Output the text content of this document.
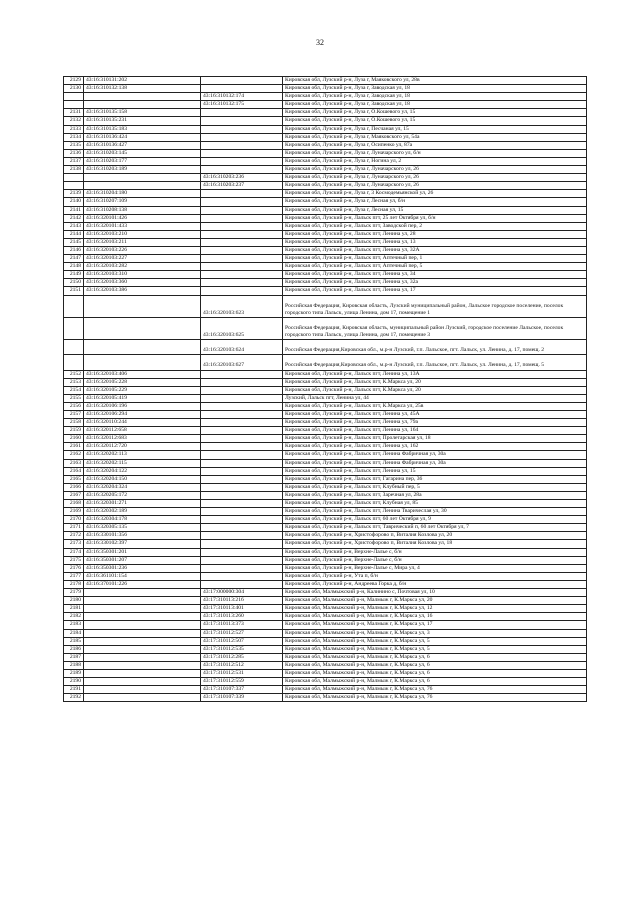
32
2129	43:16:310131:202		Кировская обл, Лузский р-н, Луза г, Маяковского ул, 28в
2130	43:16:310132:138		Кировская обл, Лузский р-н, Луза г, Заводская ул, 18
		43:16:310132:174	Кировская обл, Лузский р-н, Луза г, Заводская ул, 18
		43:16:310132:175	Кировская обл, Лузский р-н, Луза г, Заводская ул, 18
2131	43:16:310135:158		Кировская обл, Лузский р-н, Луза г, О.Кошевого ул, 15
2132	43:16:310135:231		Кировская обл, Лузский р-н, Луза г, О.Кошевого ул, 15
2133	43:16:310135:183		Кировская обл, Лузский р-н, Луза г, Песчаная ул, 15
2134	43:16:310136:424		Кировская обл, Лузский р-н, Луза г, Маяковского ул, 54а
2135	43:16:310136:427		Кировская обл, Лузский р-н, Луза г, Осипенко ул, 87а
2136	43:16:310203:145		Кировская обл, Лузский р-н, Луза г, Луначарского ул, б/н
2137	43:16:310203:177		Кировская обл, Лузский р-н, Луза г, Ногина ул, 2
2138	43:16:310203:189		Кировская обл, Лузский р-н, Луза г, Луначарского ул, 26
		43:16:310203:236	Кировская обл, Лузский р-н, Луза г, Луначарского ул, 26
		43:16:310203:237	Кировская обл, Лузский р-н, Луза г, Луначарского ул, 26
2139	43:16:310204:180		Кировская обл, Лузский р-н, Луза г, 3 Космодемьянской ул, 26
2140	43:16:310207:109		Кировская обл, Лузский р-н, Луза г, Лесная ул, б/н
2141	43:16:310208:138		Кировская обл, Лузский р-н, Луза г, Лесная ул, 15
2142	43:16:320101:426		Кировская обл, Лузский р-н, Лальск пгт, 25 лет Октября ул, б/н
2143	43:16:320101:433		Кировская обл, Лузский р-н, Лальск пгт, Заводской пер, 2
2144	43:16:320103:210		Кировская обл, Лузский р-н, Лальск пгт, Ленина ул, 28
2145	43:16:320103:211		Кировская обл, Лузский р-н, Лальск пгт, Ленина ул, 13
2146	43:16:320103:226		Кировская обл, Лузский р-н, Лальск пгт, Ленина ул, 32А
2147	43:16:320103:227		Кировская обл, Лузский р-н, Лальск пгт, Аптечный пер, 1
2148	43:16:320103:282		Кировская обл, Лузский р-н, Лальск пгт, Аптечный пер, 5
2149	43:16:320103:310		Кировская обл, Лузский р-н, Лальск пгт, Ленина ул, 34
2150	43:16:320103:360		Кировская обл, Лузский р-н, Лальск пгт, Ленина ул, 32а
2151	43:16:320103:386		Кировская обл, Лузский р-н, Лальск пгт, Ленина ул, 17
		43:16:320103:623	Российская Федерация, Кировская область, Лузский муниципальный район, Лальское городское поселение, поселок городского типа Лальск, улица Ленина, дом 17, помещение 1
		43:16:320103:625	Российская Федерация, Кировская область, муниципальный район Лузский, городское поселение Лальское, поселок городского типа Лальск, улица Ленина, дом 17, помещение 3
		43:16:320103:624	Российская Федерация,Кировская обл., м.р-н Лузский, г.п. Лальское, пгт. Лальск, ул. Ленина, д. 17, помещ. 2
		43:16:320103:627	Российская Федерация,Кировская обл., м.р-н Лузский, г.п. Лальское, пгт. Лальск, ул. Ленина, д. 17, помещ. 5
2152	43:16:320103:406		Кировская обл, Лузский р-н, Лальск пгт, Ленина ул, 13А
2153	43:16:320105:228		Кировская обл, Лузский р-н, Лальск пгт, К.Маркса ул, 20
2154	43:16:320105:229		Кировская обл, Лузский р-н, Лальск пгт, К.Маркса ул, 20
2155	43:16:320105:419		Лузский, Лальск пгт, Ленина ул, 44
2156	43:16:320106:196		Кировская обл, Лузский р-н, Лальск пгт, К.Маркса ул, 25в
2157	43:16:320106:294		Кировская обл, Лузский р-н, Лальск пгт, Ленина ул, 45А
2158	43:16:320110:244		Кировская обл, Лузский р-н, Лальск пгт, Ленина ул, 79а
2159	43:16:320112:658		Кировская обл, Лузский р-н, Лальск пгт, Ленина ул, 164
2160	43:16:320112:683		Кировская обл, Лузский р-н, Лальск пгт, Пролетарская ул, 18
2161	43:16:320112:720		Кировская обл, Лузский р-н, Лальск пгт, Ленина ул, 162
2162	43:16:320202:113		Кировская обл, Лузский р-н, Лальск пгт, Ленина Фабричная ул, 30а
2163	43:16:320202:115		Кировская обл, Лузский р-н, Лальск пгт, Ленина Фабричная ул, 30а
2164	43:16:320204:122		Кировская обл, Лузский р-н, Лальск пгт, Ленина ул, 15
2165	43:16:320204:150		Кировская обл, Лузский р-н, Лальск пгт, Гагарина пер, 36
2166	43:16:320204:324		Кировская обл, Лузский р-н, Лальск пгт, Клубный пер, 5
2167	43:16:320205:172		Кировская обл, Лузский р-н, Лальск пгт, Заречная ул, 28а
2168	43:16:320301:271		Кировская обл, Лузский р-н, Лальск пгт, Клубная ул, 85
2169	43:16:320302:189		Кировская обл, Лузский р-н, Лальск пгт, Ленина Тваричеслая ул, 30
2170	43:16:320304:178		Кировская обл, Лузский р-н, Лальск пгт, 60 лет Октября ул, 9
2171	43:16:320305:135		Кировская обл, Лузский р-н, Лальск пгт, Таврический п, 60 лет Октября ул, 7
2172	43:16:330101:356		Кировская обл, Лузский р-н, Христофорово п, Виталия Козлова ул, 20
2173	43:16:330102:397		Кировская обл, Лузский р-н, Христофорово п, Виталия Козлова ул, 18
2174	43:16:350301:201		Кировская обл, Лузский р-н, Верхне-Лалье с, б/н
2175	43:16:350301:207		Кировская обл, Лузский р-н, Верхне-Лалье с, б/н
2176	43:16:350301:236		Кировская обл, Лузский р-н, Верхне-Лалье с, Мира ул, 4
2177	43:16:361101:154		Кировская обл, Лузский р-н, Ута п, б/н
2178	43:16:370101:226		Кировская обл, Лузский р-н, Андреева Горка д, б/н
2179		43:17:000000:304	Кировская обл, Малмыжский р-н, Калинино с, Почтовая ул, 10
2180		43:17:310113:216	Кировская обл, Малмыжский р-н, Малмыж г, К.Маркса ул, 20
2181		43:17:310113:401	Кировская обл, Малмыжский р-н, Малмыж г, К.Маркса ул, 12
2182		43:17:310113:260	Кировская обл, Малмыжский р-н, Малмыж г, К.Маркса ул, 16
2183		43:17:310113:373	Кировская обл, Малмыжский р-н, Малмыж г, К.Маркса ул, 17
2184		43:17:310112:527	Кировская обл, Малмыжский р-н, Малмыж г, К.Маркса ул, 3
2185		43:17:310112:507	Кировская обл, Малмыжский р-н, Малмыж г, К.Маркса ул, 5
2186		43:17:310112:535	Кировская обл, Малмыжский р-н, Малмыж г, К.Маркса ул, 5
2187		43:17:310112:285	Кировская обл, Малмыжский р-н, Малмыж г, К.Маркса ул, 6
2188		43:17:310112:512	Кировская обл, Малмыжский р-н, Малмыж г, К.Маркса ул, 6
2189		43:17:310112:531	Кировская обл, Малмыжский р-н, Малмыж г, К.Маркса ул, 6
2190		43:17:310112:559	Кировская обл, Малмыжский р-н, Малмыж г, К.Маркса ул, 6
2191		43:17:310107:337	Кировская обл, Малмыжский р-н, Малмыж г, К.Маркса ул, 76
2192		43:17:310107:339	Кировская обл, Малмыжский р-н, Малмыж г, К.Маркса ул, 76
